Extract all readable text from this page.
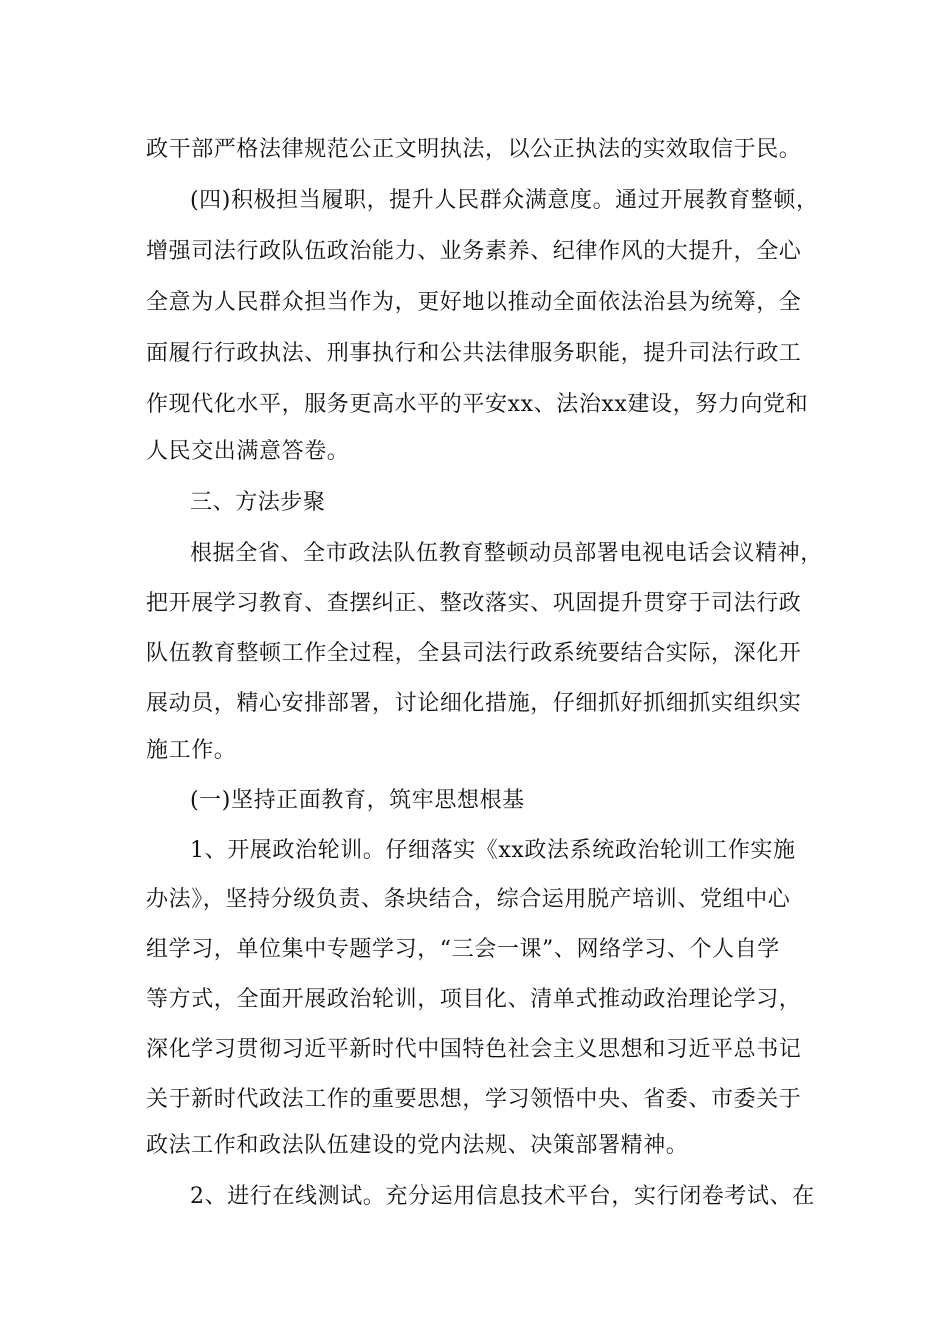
政干部严格法律规范公正文明执法，以公正执法的实效取信于民。

(四)积极担当履职，提升人民群众满意度。通过开展教育整顿，

增强司法行政队伍政治能力、业务素养、纪律作风的大提升，全心

全意为人民群众担当作为，更好地以推动全面依法治县为统筹，全

面履行行政执法、刑事执行和公共法律服务职能，提升司法行政工

作现代化水平，服务更高水平的平安xx、法治xx建设，努力向党和

人民交出满意答卷。

三、方法步聚

根据全省、全市政法队伍教育整顿动员部署电视电话会议精神，

把开展学习教育、查摆纠正、整改落实、巩固提升贯穿于司法行政

队伍教育整顿工作全过程，全县司法行政系统要结合实际，深化开

展动员，精心安排部署，讨论细化措施，仔细抓好抓细抓实组织实

施工作。

(一)坚持正面教育，筑牢思想根基

1、开展政治轮训。仔细落实《xx政法系统政治轮训工作实施

办法》，坚持分级负责、条块结合，综合运用脱产培训、党组中心

组学习，单位集中专题学习，“三会一课”、网络学习、个人自学

等方式，全面开展政治轮训，项目化、清单式推动政治理论学习，

深化学习贯彻习近平新时代中国特色社会主义思想和习近平总书记

关于新时代政法工作的重要思想，学习领悟中央、省委、市委关于

政法工作和政法队伍建设的党内法规、决策部署精神。

2、进行在线测试。充分运用信息技术平台，实行闭卷考试、在
